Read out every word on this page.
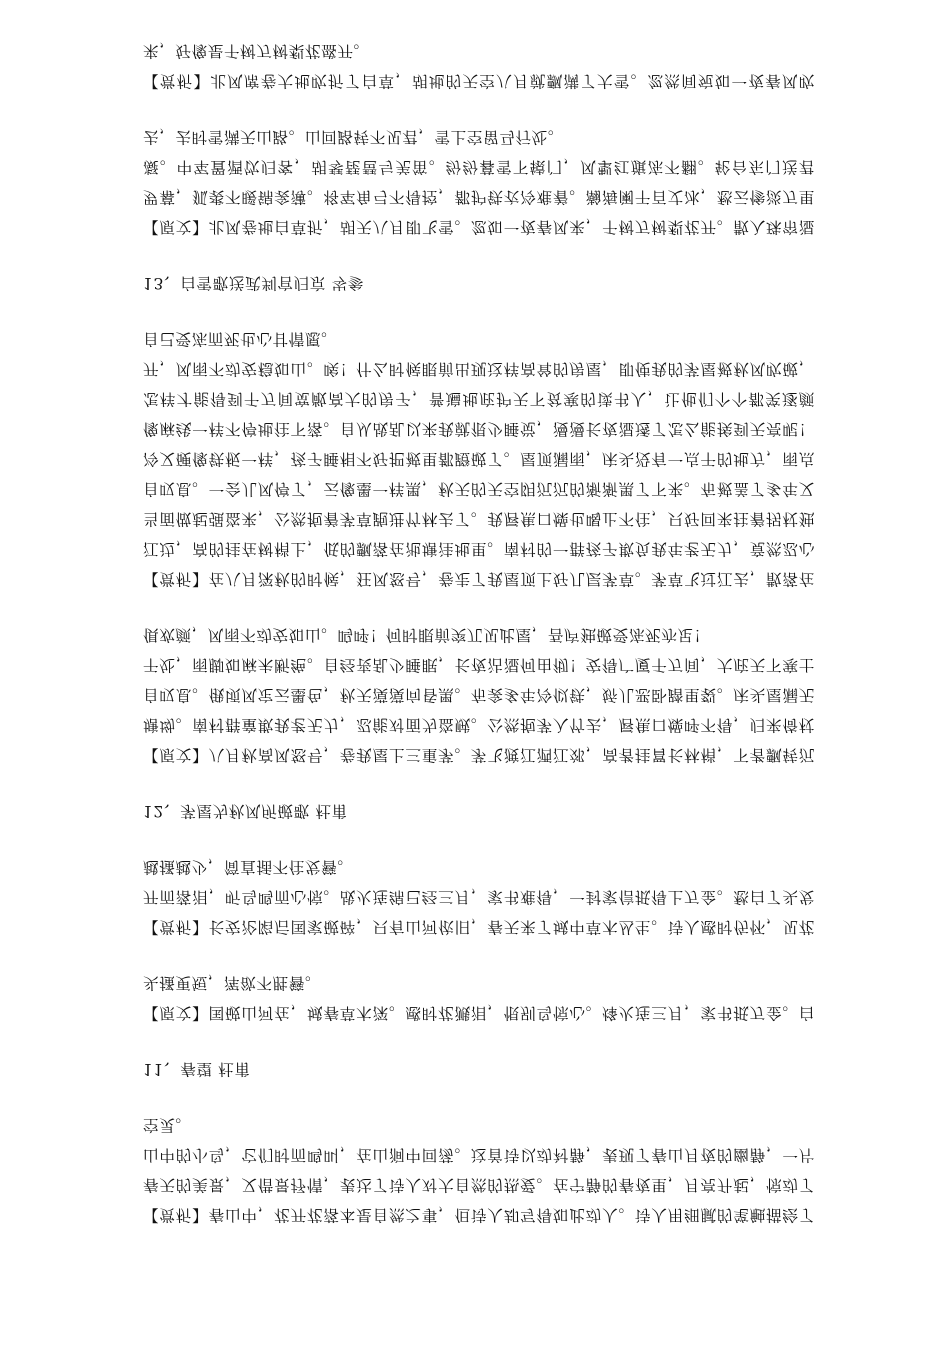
【赏析】春山中，花开花落本是自然之事，但诗人却写得如此动人。诗人用细腻的笔触描绘了春天的美景，又借景抒情，表达了诗人对大自然的热爱。在宁静的春夜里，月亮升起，惊动了山中的小鸟，它们时而鸣叫，在山涧中回荡。这首诗以动衬静，表现了春山月夜的幽静，一片空灵。

11、春望 杜甫

【原文】国破山河在，城春草木深。感时花溅泪，恨别鸟惊心。烽火连三月，家书抵万金。白头搔更短，浑欲不胜簪。

【赏析】长安沦陷后国家破碎，只有山河依旧，春天来了城中草木丛生。诗人感时伤怀，见花开而落泪，听鸟鸣而心惊。战火连绵已经三月，家书难得，一封家信抵得上万金。愁白了头发越搔越少，简直插不住发簪。

12、茅屋为秋风所破歌 杜甫

【原文】八月秋高风怒号，卷我屋上三重茅。茅飞渡江洒江郊，高者挂罥长林梢，下者飘转沉塘坳。南村群童欺我老无力，忍能对面为盗贼。公然抱茅入竹去，唇焦口燥呼不得，归来倚杖自叹息。俄顷风定云墨色，秋天漠漠向昏黑。布衾多年冷似铁，娇儿恶卧踏里裂。床头屋漏无干处，雨脚如麻未断绝。自经丧乱少睡眠，长夜沾湿何由彻！安得广厦千万间，大庇天下寒士俱欢颜，风雨不动安如山。呜呼！何时眼前突兀见此屋，吾庐独破受冻死亦足！

【赏析】在八月深秋的时候，狂风怒号，卷走了我屋顶上好几层茅草。茅草飞过江去，散落在江边，高的挂在树梢上，低的飘落在池塘洼地里。南村的一群孩子欺负我年老无力，竟然忍心当面做起强盗来，公然抱着茅草跑进竹林去了。我唇焦口燥也喝止不住，只好回来拄着拐杖独自叹息。一会儿风停了，云像墨一样黑，秋天的天空阴沉沉的渐渐黑了下来。布被盖了多年又冷又硬像铁板一样，孩子睡相不好把被里都蹬破了。屋顶漏雨，床头没有一点干的地方，雨点像麻线一样不停地往下落。自从战乱以来我就很少睡觉，漫漫长夜湿透了怎么能挨到天亮呢！怎样才能得到千万间宽敞高大的房子，普遍地庇护天下贫寒的读书人，让他们个个都笑逐颜开，风雨不动安稳如山。唉！什么时候眼前出现这样高耸的房屋，即使我的茅屋被秋风吹破，自己受冻而死也心甘情愿。

13、白雪歌送武判官归京 岑参

【原文】北风卷地白草折，胡天八月即飞雪。忽如一夜春风来，千树万树梨花开。散入珠帘湿罗幕，狐裘不暖锦衾薄。将军角弓不得控，都护铁衣冷难着。瀚海阑干百丈冰，愁云惨淡万里凝。中军置酒饮归客，胡琴琵琶与羌笛。纷纷暮雪下辕门，风掣红旗冻不翻。轮台东门送君去，去时雪满天山路。山回路转不见君，雪上空留马行处。

【赏析】北风席卷大地吹折了白草，胡地的天空八月就飘满了大雪。忽然间宛如一夜春风吹来，好像是千树万树梨花盛开。
